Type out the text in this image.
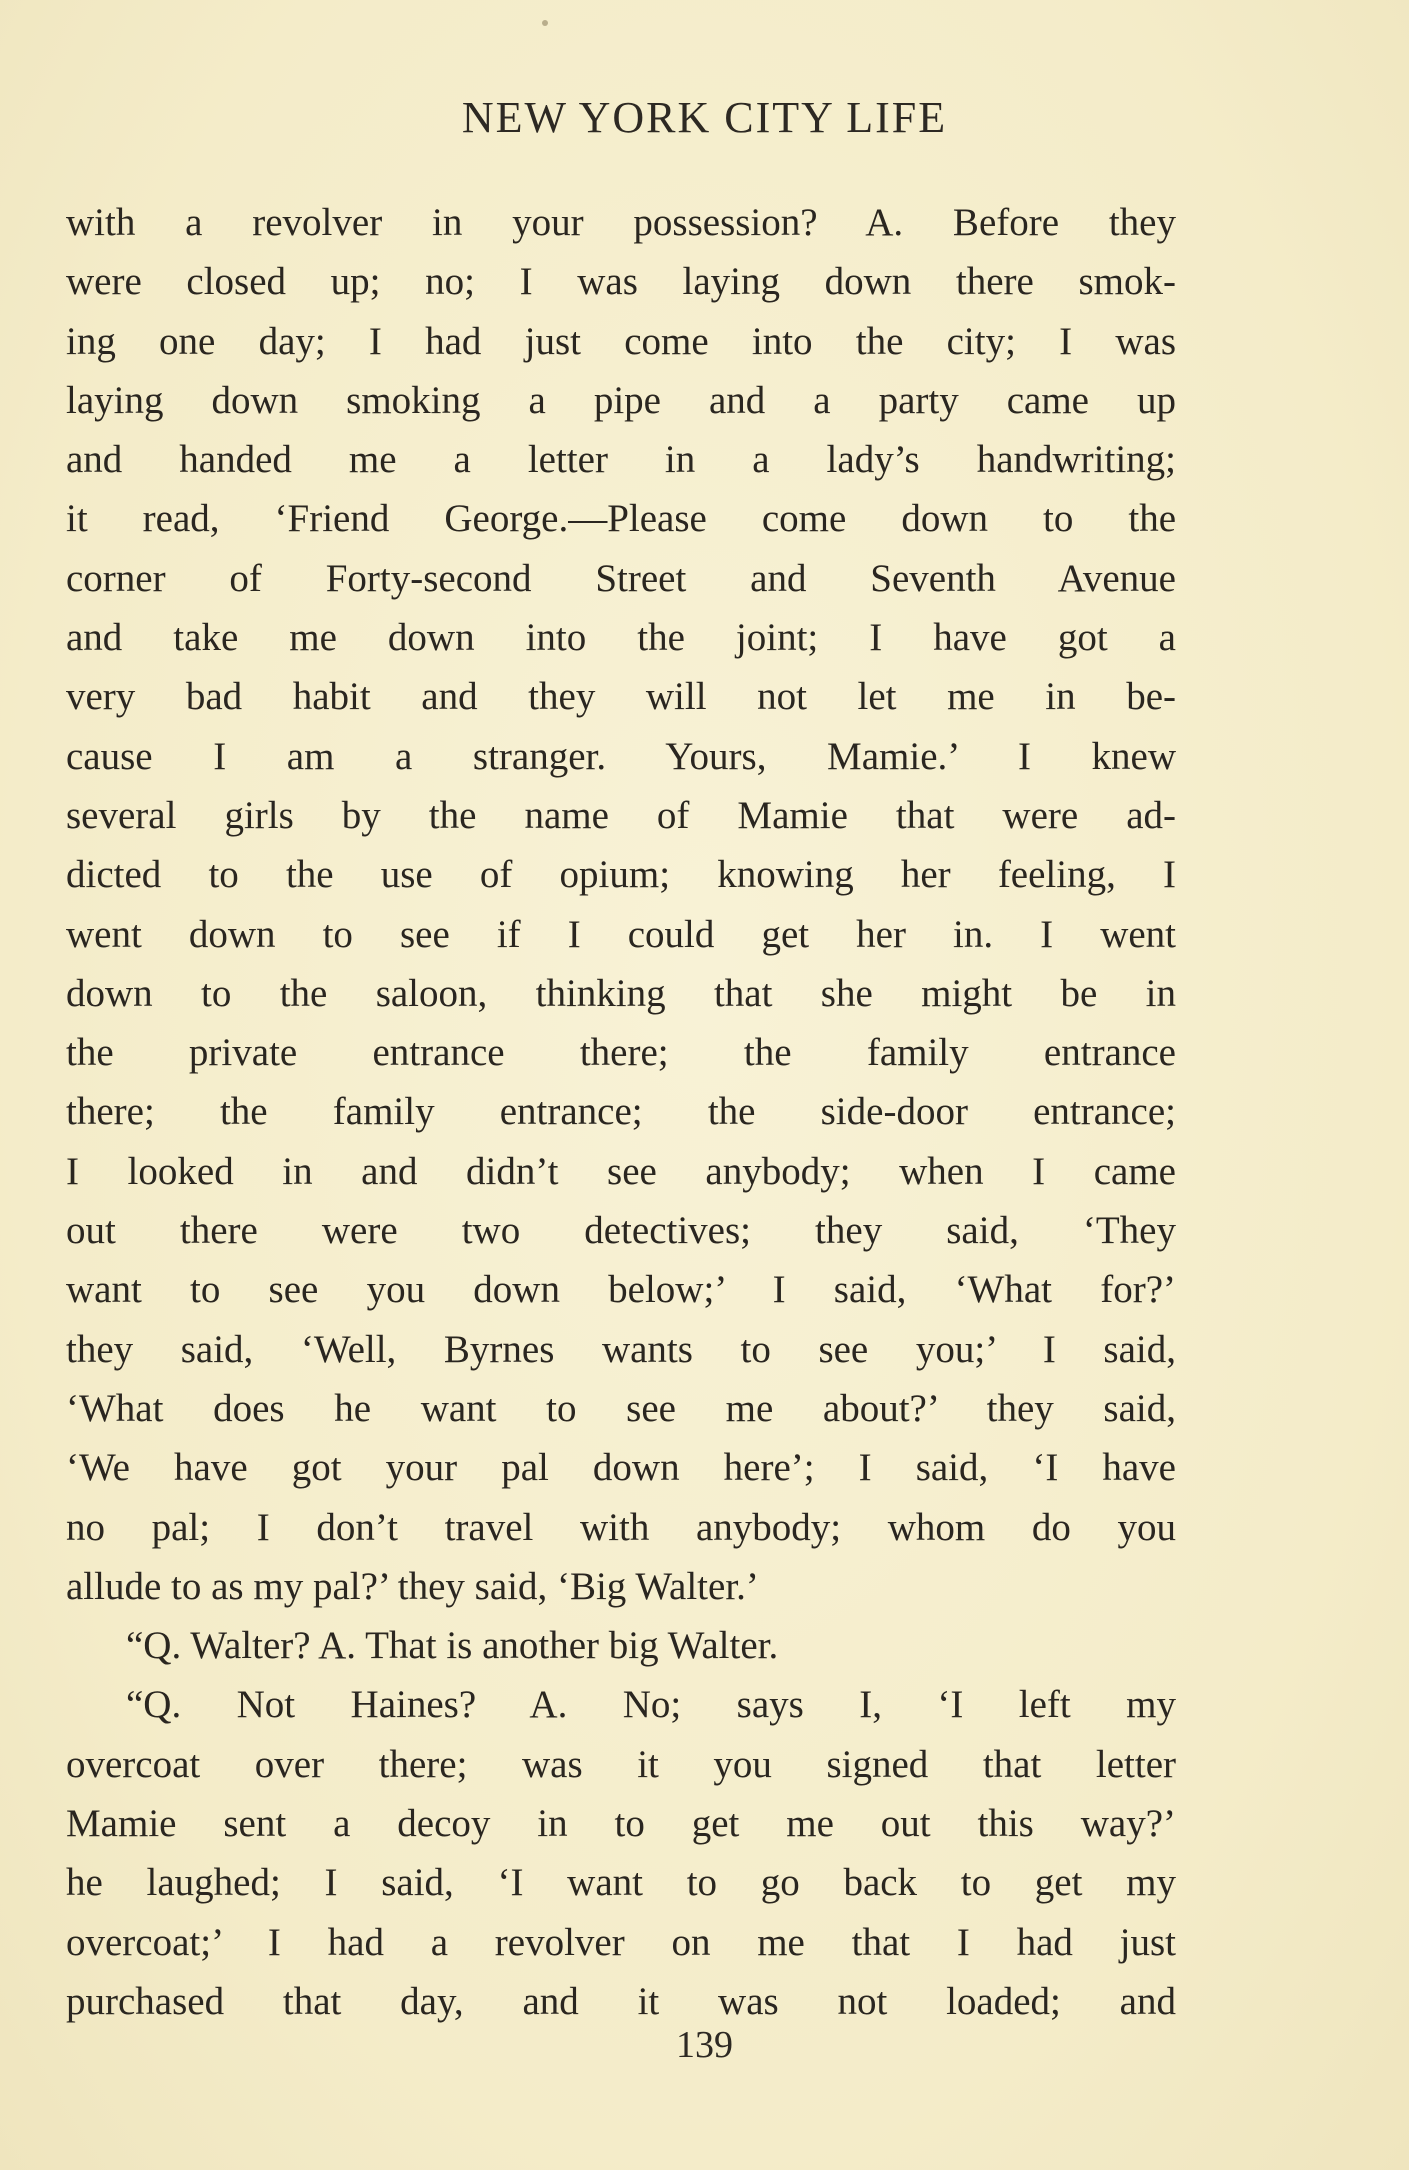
NEW YORK CITY LIFE
with a revolver in your possession? A. Before they
were closed up; no; I was laying down there smok-
ing one day; I had just come into the city; I was
laying down smoking a pipe and a party came up
and handed me a letter in a lady’s handwriting;
it read, ‘Friend George.—Please come down to the
corner of Forty-second Street and Seventh Avenue
and take me down into the joint; I have got a
very bad habit and they will not let me in be-
cause I am a stranger. Yours, Mamie.’ I knew
several girls by the name of Mamie that were ad-
dicted to the use of opium; knowing her feeling, I
went down to see if I could get her in. I went
down to the saloon, thinking that she might be in
the private entrance there; the family entrance
there; the family entrance; the side-door entrance;
I looked in and didn’t see anybody; when I came
out there were two detectives; they said, ‘They
want to see you down below;’ I said, ‘What for?’
they said, ‘Well, Byrnes wants to see you;’ I said,
‘What does he want to see me about?’ they said,
‘We have got your pal down here’; I said, ‘I have
no pal; I don’t travel with anybody; whom do you
allude to as my pal?’ they said, ‘Big Walter.’
“Q. Walter? A. That is another big Walter.
“Q. Not Haines? A. No; says I, ‘I left my
overcoat over there; was it you signed that letter
Mamie sent a decoy in to get me out this way?’
he laughed; I said, ‘I want to go back to get my
overcoat;’ I had a revolver on me that I had just
purchased that day, and it was not loaded; and
139
